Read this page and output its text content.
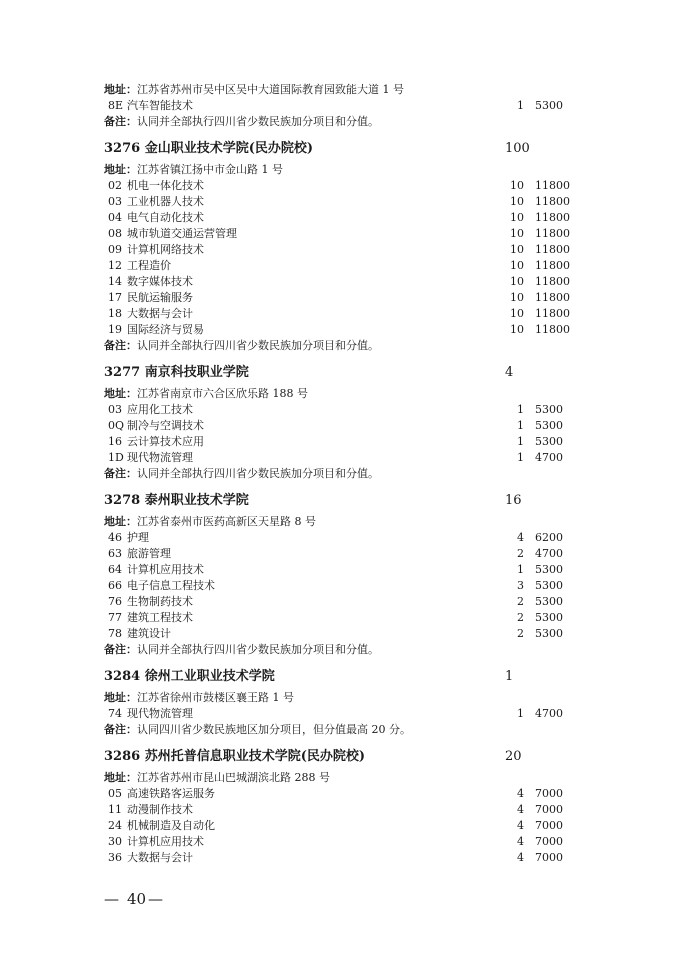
地址：江苏省苏州市吴中区吴中大道国际教育园致能大道 1 号
8E 汽车智能技术	1 5300
备注：认同并全部执行四川省少数民族加分项目和分值。
3276 金山职业技术学院(民办院校)	100
地址：江苏省镇江扬中市金山路 1 号
02 机电一体化技术	10 11800
03 工业机器人技术	10 11800
04 电气自动化技术	10 11800
08 城市轨道交通运营管理	10 11800
09 计算机网络技术	10 11800
12 工程造价	10 11800
14 数字媒体技术	10 11800
17 民航运输服务	10 11800
18 大数据与会计	10 11800
19 国际经济与贸易	10 11800
备注：认同并全部执行四川省少数民族加分项目和分值。
3277 南京科技职业学院	4
地址：江苏省南京市六合区欣乐路 188 号
03 应用化工技术	1 5300
0Q 制冷与空调技术	1 5300
16 云计算技术应用	1 5300
1D 现代物流管理	1 4700
备注：认同并全部执行四川省少数民族加分项目和分值。
3278 泰州职业技术学院	16
地址：江苏省泰州市医药高新区天星路 8 号
46 护理	4 6200
63 旅游管理	2 4700
64 计算机应用技术	1 5300
66 电子信息工程技术	3 5300
76 生物制药技术	2 5300
77 建筑工程技术	2 5300
78 建筑设计	2 5300
备注：认同并全部执行四川省少数民族加分项目和分值。
3284 徐州工业职业技术学院	1
地址：江苏省徐州市鼓楼区襄王路 1 号
74 现代物流管理	1 4700
备注：认同四川省少数民族地区加分项目，但分值最高 20 分。
3286 苏州托普信息职业技术学院(民办院校)	20
地址：江苏省苏州市昆山巴城湖滨北路 288 号
05 高速铁路客运服务	4 7000
11 动漫制作技术	4 7000
24 机械制造及自动化	4 7000
30 计算机应用技术	4 7000
36 大数据与会计	4 7000
— 40 —
